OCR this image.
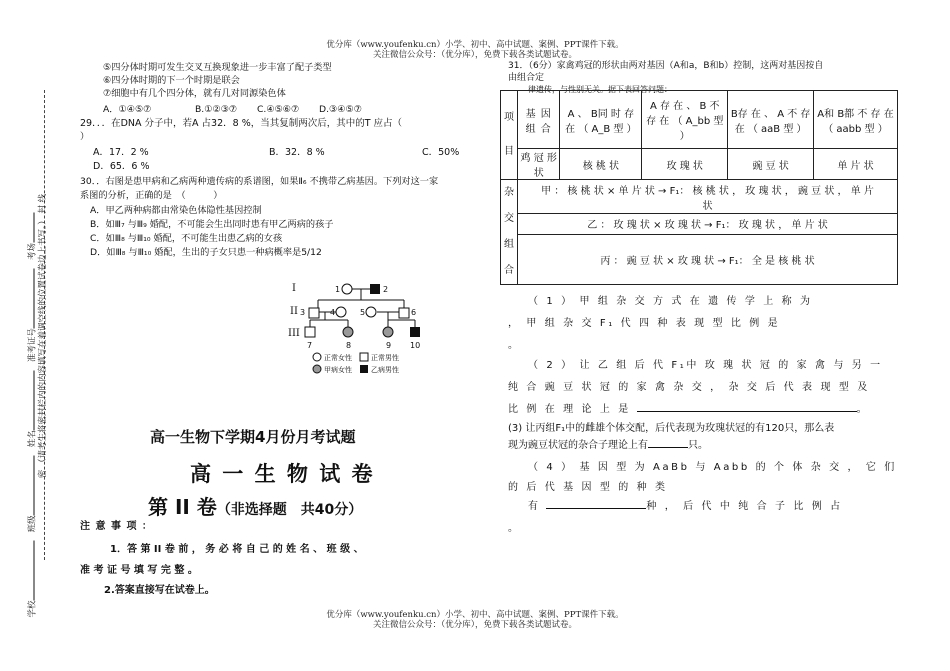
优分库（www.youfenku.cn）小学、初中、高中试题、案例、PPT课件下载。
关注微信公众号：（优分库），免费下载各类试题试卷。
优分库（www.youfenku.cn）小学、初中、高中试题、案例、PPT课件下载。
关注微信公众号：（优分库），免费下载各类试题试卷。
学校   班级   姓名   准考证号   考场
密 （请考生将密封栏内的内容填写在着调空线的位置试卷边上书写。） 封 线
⑤四分体时期可发生交叉互换现象进一步丰富了配子类型
⑥四分体时期的下一个时期是联会
⑦细胞中有几个四分体，就有几对同源染色体
A．①④⑤⑦	B.①②③⑦ C.④⑤⑥⑦ D.③④⑤⑦
29．．．在DNA 分子中，若A 占32．8 %，当其复制两次后，其中的T 应占（
）
A．17．2 %	B．32．8 %	C．50%
D．65．6 %
30．．右图是患甲病和乙病两种遗传病的系谱图，如果Ⅱ₆ 不携带乙病基因。下列对这一家
系图的分析，正确的是　（　　　）
A．甲乙两种病都由常染色体隐性基因控制
B．如Ⅲ₇ 与Ⅲ₉ 婚配，不可能会生出同时患有甲乙两病的孩子
C．如Ⅲ₈ 与Ⅲ₁₀ 婚配，不可能生出患乙病的女孩
D．如Ⅲ₈ 与Ⅲ₁₀ 婚配，生出的子女只患一种病概率是5/12
I
II
III
1	2
3	4	5	6
7	8	9 10
正常女性	正常男性
甲病女性	乙病男性
高一生物下学期4月份月考试题
高 一 生 物 试 卷
第 II 卷（非选择题　共40分）
注 意 事 项 ：
1．答 第 II 卷 前 ， 务 必 将 自 己 的 姓 名 、 班 级 、
准 考 证 号 填 写 完 整 。
2.答案直接写在试卷上。
31．（6分）家禽鸡冠的形状由两对基因（A和a，B和b）控制，这两对基因按自
由组合定
律遗传，与性别无关。据下表回答问题：
项
目	基 因 组 合	A 、 B同 时 存 在 （ A_B 型 ）	A 存 在 、 B 不 存 在 （ A_bb 型 ）	B存 在 、 A 不 存 在 （ aaB 型 ）	A和 B都 不 存 在 （ aabb 型 ）
	鸡 冠 形 状	核 桃 状	玫 瑰 状	豌 豆 状	单 片 状
杂
交
组
合	甲 ： 核 桃 状 × 单 片 状 → F₁： 核 桃 状 ， 玫 瑰 状 ， 豌 豆 状 ， 单 片 状				
	乙 ： 玫 瑰 状 × 玫 瑰 状 → F₁： 玫 瑰 状 ， 单 片 状				
	丙 ： 豌 豆 状 × 玫 瑰 状 → F₁： 全 是 核 桃 状				
（ 1 ） 甲 组 杂 交 方 式 在 遗 传 学 上 称 为
， 甲 组 杂 交 F₁ 代 四 种 表 现 型 比 例 是
。
（ 2 ） 让 乙 组 后 代 F₁中 玫 瑰 状 冠 的 家 禽 与 另 一
纯 合 豌 豆 状 冠 的 家 禽 杂 交 ， 杂 交 后 代 表 现 型 及
比 例 在 理 论 上 是	。
(3) 让丙组F₁中的雌雄个体交配，后代表现为玫瑰状冠的有120只，那么表
现为豌豆状冠的杂合子理论上有	只。
（ 4 ） 基 因 型 为 AaBb 与 Aabb 的 个 体 杂 交 ， 它 们
的 后 代 基 因 型 的 种 类
有	种 ， 后 代 中 纯 合 子 比 例 占
。
